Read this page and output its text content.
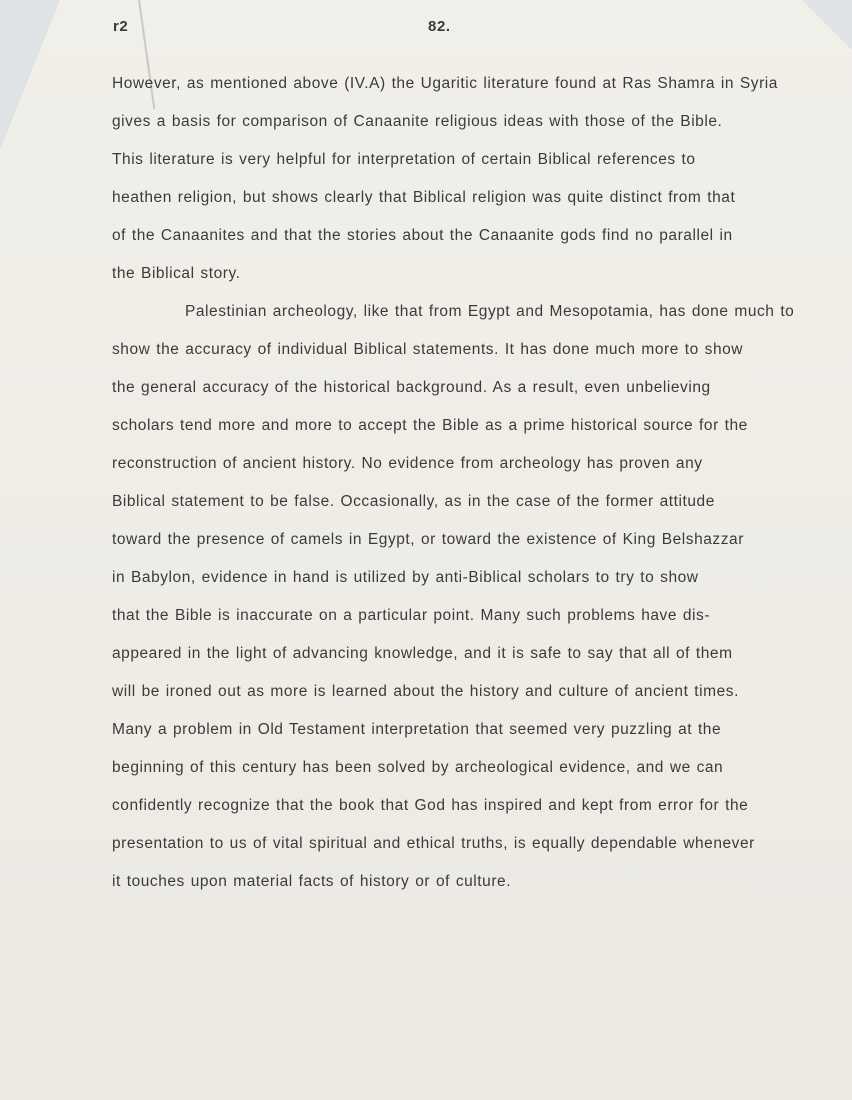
r2	82.
However, as mentioned above (IV.A) the Ugaritic literature found at Ras Shamra in Syria
gives a basis for comparison of Canaanite religious ideas with those of the Bible.
This literature is very helpful for interpretation of certain Biblical references to
heathen religion, but shows clearly that Biblical religion was quite distinct from that
of the Canaanites and that the stories about the Canaanite gods find no parallel in
the Biblical story.
Palestinian archeology, like that from Egypt and Mesopotamia, has done much to
show the accuracy of individual Biblical statements. It has done much more to show
the general accuracy of the historical background. As a result, even unbelieving
scholars tend more and more to accept the Bible as a prime historical source for the
reconstruction of ancient history. No evidence from archeology has proven any
Biblical statement to be false. Occasionally, as in the case of the former attitude
toward the presence of camels in Egypt, or toward the existence of King Belshazzar
in Babylon, evidence in hand is utilized by anti-Biblical scholars to try to show
that the Bible is inaccurate on a particular point. Many such problems have dis-
appeared in the light of advancing knowledge, and it is safe to say that all of them
will be ironed out as more is learned about the history and culture of ancient times.
Many a problem in Old Testament interpretation that seemed very puzzling at the
beginning of this century has been solved by archeological evidence, and we can
confidently recognize that the book that God has inspired and kept from error for the
presentation to us of vital spiritual and ethical truths, is equally dependable whenever
it touches upon material facts of history or of culture.
